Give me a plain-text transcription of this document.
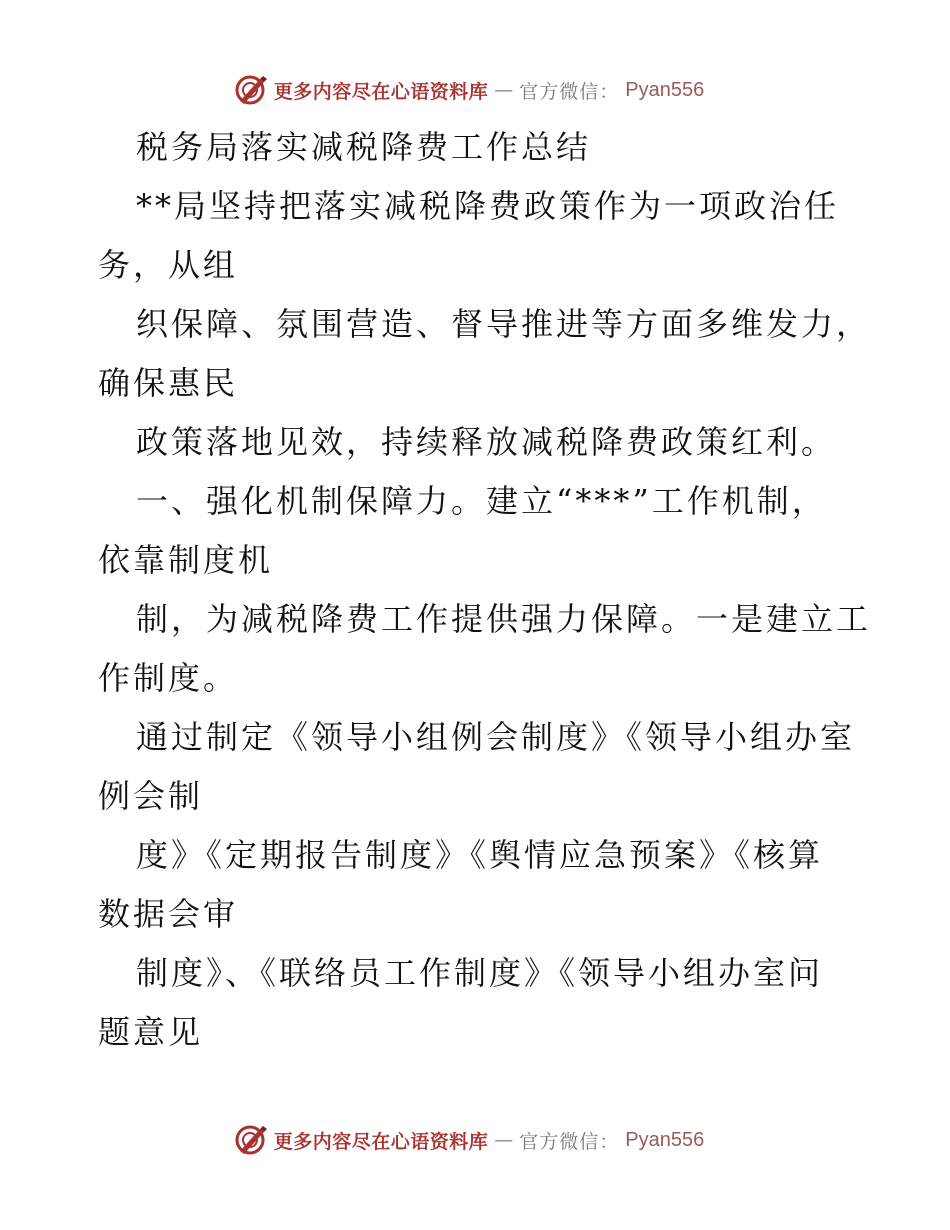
更多内容尽在心语资料库 — 官方微信： Pyan556
税务局落实减税降费工作总结
**局坚持把落实减税降费政策作为一项政治任
务，从组
织保障、氛围营造、督导推进等方面多维发力，
确保惠民
政策落地见效，持续释放减税降费政策红利。
一、强化机制保障力。建立“***”工作机制，
依靠制度机
制，为减税降费工作提供强力保障。一是建立工
作制度。
通过制定《领导小组例会制度》《领导小组办室
例会制
度》《定期报告制度》《舆情应急预案》《核算
数据会审
制度》、《联络员工作制度》《领导小组办室问
题意见
更多内容尽在心语资料库 — 官方微信： Pyan556
